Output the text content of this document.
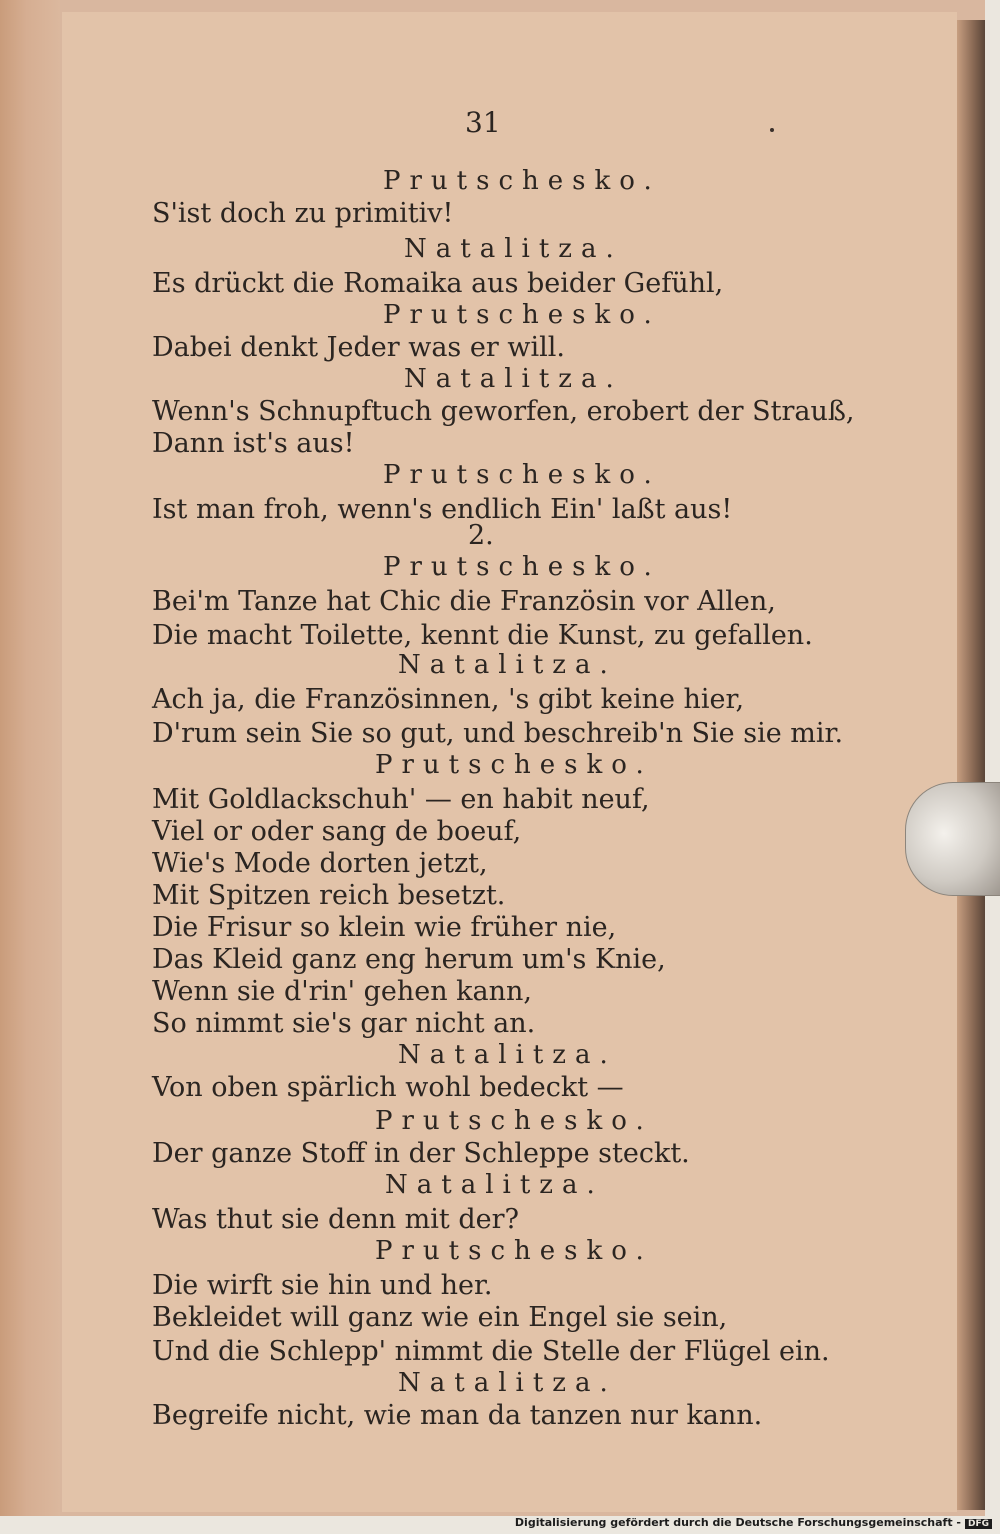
31
Prutschesko.
S'ist doch zu primitiv!
Natalitza.
Es drückt die Romaika aus beider Gefühl,
Prutschesko.
Dabei denkt Jeder was er will.
Natalitza.
Wenn's Schnupftuch geworfen, erobert der Strauß,
Dann ist's aus!
Prutschesko.
Ist man froh, wenn's endlich Ein' laßt aus!
2.
Prutschesko.
Bei'm Tanze hat Chic die Französin vor Allen,
Die macht Toilette, kennt die Kunst, zu gefallen.
Natalitza.
Ach ja, die Französinnen, 's gibt keine hier,
D'rum sein Sie so gut, und beschreib'n Sie sie mir.
Prutschesko.
Mit Goldlackschuh' — en habit neuf,
Viel or oder sang de boeuf,
Wie's Mode dorten jetzt,
Mit Spitzen reich besetzt.
Die Frisur so klein wie früher nie,
Das Kleid ganz eng herum um's Knie,
Wenn sie d'rin' gehen kann,
So nimmt sie's gar nicht an.
Natalitza.
Von oben spärlich wohl bedeckt —
Prutschesko.
Der ganze Stoff in der Schleppe steckt.
Natalitza.
Was thut sie denn mit der?
Prutschesko.
Die wirft sie hin und her.
Bekleidet will ganz wie ein Engel sie sein,
Und die Schlepp' nimmt die Stelle der Flügel ein.
Natalitza.
Begreife nicht, wie man da tanzen nur kann.
Digitalisierung gefördert durch die Deutsche Forschungsgemeinschaft - DFG
